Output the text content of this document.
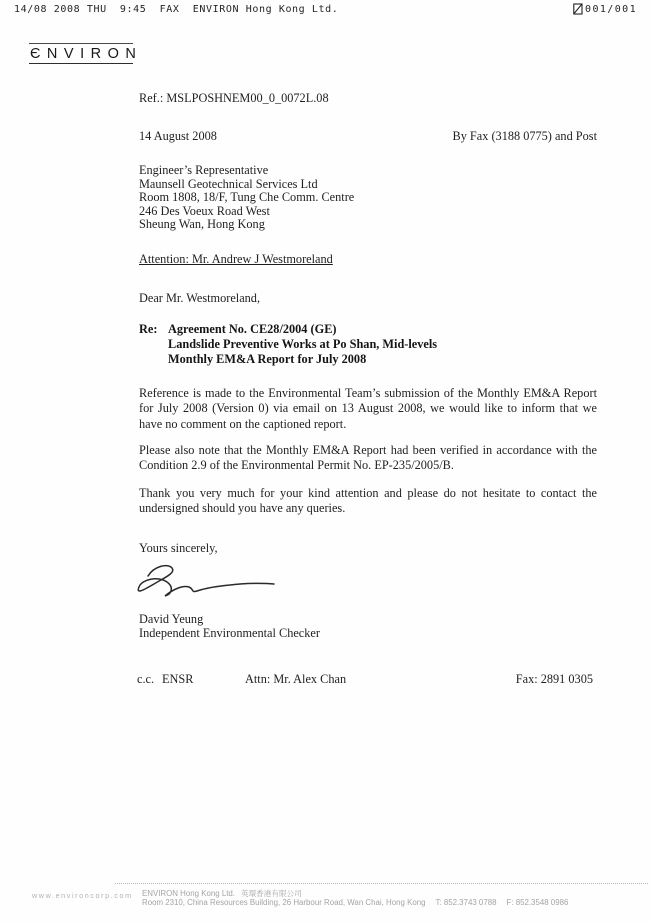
14/08 2008 THU  9:45  FAX  ENVIRON Hong Kong Ltd.	001/001
ЄNVIRON
Ref.: MSLPOSHNEM00_0_0072L.08
14 August 2008	By Fax (3188 0775) and Post
Engineer’s Representative
Maunsell Geotechnical Services Ltd
Room 1808, 18/F, Tung Che Comm. Centre
246 Des Voeux Road West
Sheung Wan, Hong Kong
Attention: Mr. Andrew J Westmoreland
Dear Mr. Westmoreland,
Re: Agreement No. CE28/2004 (GE)
Landslide Preventive Works at Po Shan, Mid-levels
Monthly EM&A Report for July 2008
Reference is made to the Environmental Team’s submission of the Monthly EM&A Report for July 2008 (Version 0) via email on 13 August 2008, we would like to inform that we have no comment on the captioned report.
Please also note that the Monthly EM&A Report had been verified in accordance with the Condition 2.9 of the Environmental Permit No. EP-235/2005/B.
Thank you very much for your kind attention and please do not hesitate to contact the undersigned should you have any queries.
Yours sincerely,
David Yeung
Independent Environmental Checker
c.c. ENSR	Attn: Mr. Alex Chan	Fax: 2891 0305
www.environcorp.com ENVIRON Hong Kong Ltd. 英環香港有限公司
Room 2310, China Resources Building, 26 Harbour Road, Wan Chai, Hong Kong T: 852.3743 0788 F: 852.3548 0986
